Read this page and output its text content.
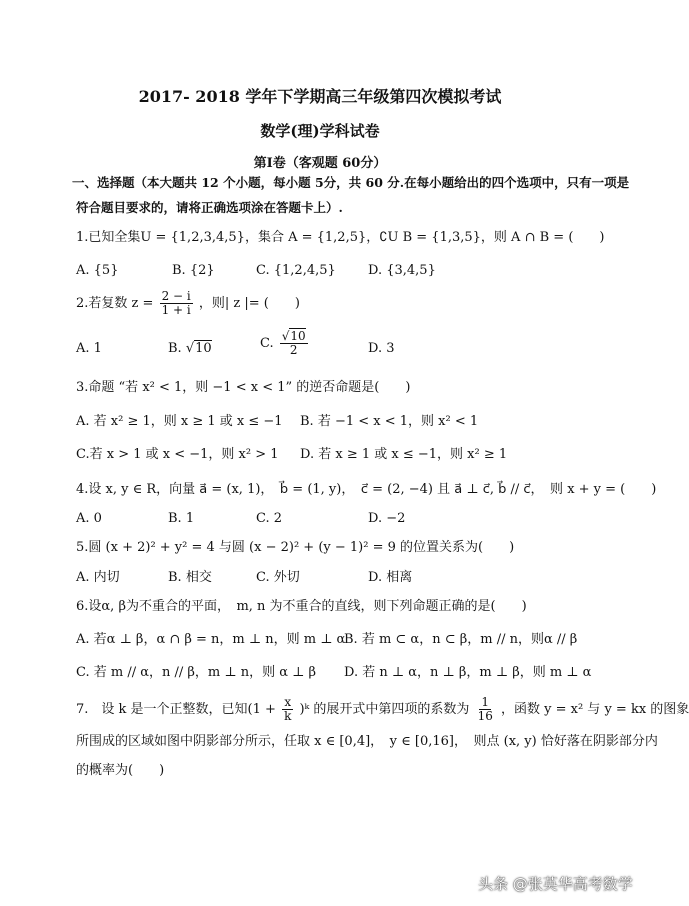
2017- 2018 学年下学期高三年级第四次模拟考试
数学(理)学科试卷
第Ⅰ卷（客观题 60分）
一、选择题（本大题共 12 个小题，每小题 5分，共 60 分.在每小题给出的四个选项中，只有一项是
符合题目要求的，请将正确选项涂在答题卡上）.
1.已知全集U = {1,2,3,4,5}，集合 A = {1,2,5}，∁U B = {1,3,5}，则 A ∩ B = (　　)
A. {5}	B. {2}	C. {1,2,4,5} D. {3,4,5}
2.若复数 $z = \frac{2 - i}{1 + i}$ ，则| z |= (　　)
A. 1	B. √10	C. $\frac{√10}{2}$	D. 3
3.命题 “若 x² < 1，则 −1 < x < 1” 的逆否命题是(　　)
A. 若 x² ≥ 1，则 x ≥ 1 或 x ≤ −1 B. 若 −1 < x < 1，则 x² < 1
C.若 x > 1 或 x < −1，则 x² > 1 D. 若 x ≥ 1 或 x ≤ −1，则 x² ≥ 1
4.设 x, y ∈ R，向量 a⃗ = (x, 1)，　b⃗ = (1, y)，　c⃗ = (2, −4) 且 a⃗ ⊥ c⃗, b⃗ // c⃗，　则 x + y = (　　)
A. 0	B. 1	C. 2	D. −2
5.圆 (x + 2)² + y² = 4 与圆 (x − 2)² + (y − 1)² = 9 的位置关系为(　　)
A. 内切	B. 相交	C. 外切	D. 相离
6.设α, β为不重合的平面，　m, n 为不重合的直线，则下列命题正确的是(　　)
A. 若α ⊥ β，α ∩ β = n，m ⊥ n，则 m ⊥ α
B. 若 m ⊂ α，n ⊂ β，m // n，则α // β
C. 若 m // α，n // β，m ⊥ n，则 α ⊥ β D. 若 n ⊥ α，n ⊥ β，m ⊥ β，则 m ⊥ α
7.　设 k 是一个正整数，已知($1 + \frac{x}{k}$ )ᵏ 的展开式中第四项的系数为 $\frac{1}{16}$ ，函数 y = x² 与 y = kx 的图象
所围成的区域如图中阴影部分所示，任取 x ∈ [0,4]，　y ∈ [0,16]，　则点 (x, y) 恰好落在阴影部分内
的概率为(　　)
头条 @张英华高考数学
